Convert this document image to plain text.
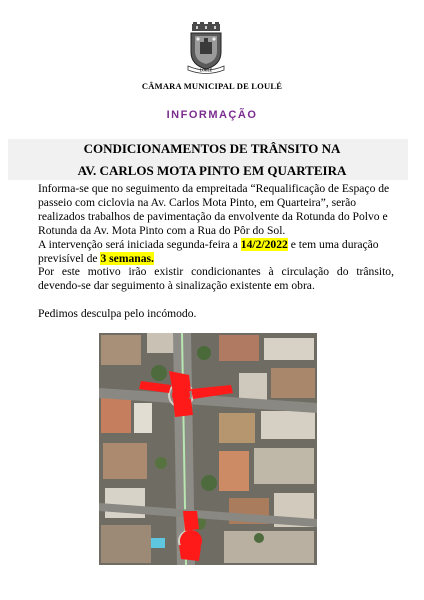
LOULÉ
CÂMARA MUNICIPAL DE LOULÉ
INFORMAÇÃO
CONDICIONAMENTOS DE TRÂNSITO NA
AV. CARLOS MOTA PINTO EM QUARTEIRA

Informa-se que no seguimento da empreitada “Requalificação de Espaço de passeio com ciclovia na Av. Carlos Mota Pinto, em Quarteira”, serão realizados trabalhos de pavimentação da envolvente da Rotunda do Polvo e Rotunda da Av. Mota Pinto com a Rua do Pôr do Sol.

A intervenção será iniciada segunda-feira a 14/2/2022 e tem uma duração previsível de 3 semanas.

Por este motivo irão existir condicionantes à circulação do trânsito, devendo-se dar seguimento à sinalização existente em obra.

Pedimos desculpa pelo incómodo.
